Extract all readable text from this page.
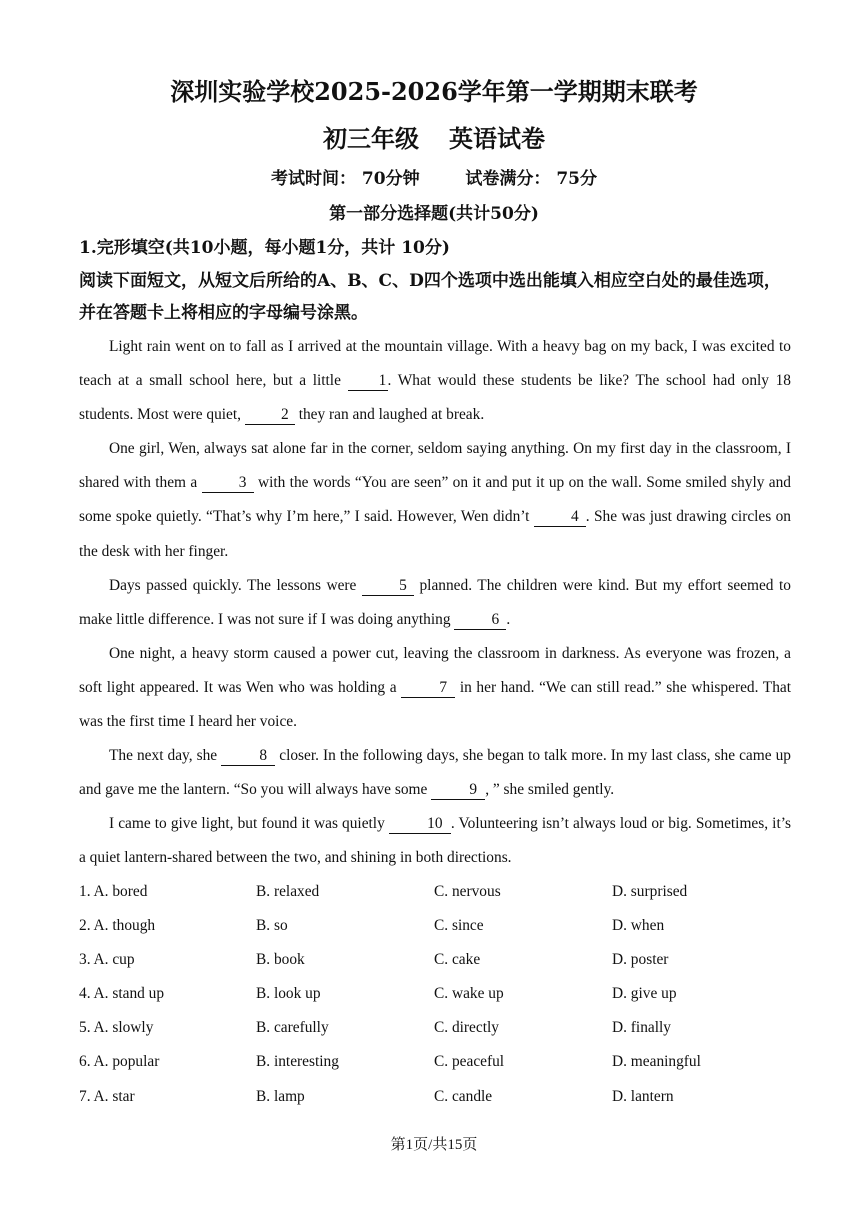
深圳实验学校2025-2026学年第一学期期末联考
初三年级 英语试卷
考试时间： 70分钟	试卷满分： 75分
第一部分选择题(共计50分)
1.完形填空(共10小题，每小题1分，共计 10分)
阅读下面短文，从短文后所给的A、B、C、D四个选项中选出能填入相应空白处的最佳选项，并在答题卡上将相应的字母编号涂黑。

Light rain went on to fall as I arrived at the mountain village. With a heavy bag on my back, I was excited to teach at a small school here, but a little 1. What would these students be like? The school had only 18 students. Most were quiet, 2 they ran and laughed at break.

One girl, Wen, always sat alone far in the corner, seldom saying anything. On my first day in the classroom, I shared with them a 3 with the words “You are seen” on it and put it up on the wall. Some smiled shyly and some spoke quietly. “That’s why I’m here,” I said. However, Wen didn’t 4 . She was just drawing circles on the desk with her finger.

Days passed quickly. The lessons were 5 planned. The children were kind. But my effort seemed to make little difference. I was not sure if I was doing anything 6 .

One night, a heavy storm caused a power cut, leaving the classroom in darkness. As everyone was frozen, a soft light appeared. It was Wen who was holding a 7 in her hand. “We can still read.” she whispered. That was the first time I heard her voice.

The next day, she 8 closer. In the following days, she began to talk more. In my last class, she came up and gave me the lantern. “So you will always have some 9 , ” she smiled gently.

I came to give light, but found it was quietly 10 . Volunteering isn’t always loud or big. Sometimes, it’s a quiet lantern-shared between the two, and shining in both directions.

1. A. bored	B. relaxed	C. nervous	D. surprised
2. A. though	B. so	C. since	D. when
3. A. cup	B. book	C. cake	D. poster
4. A. stand up	B. look up	C. wake up	D. give up
5. A. slowly	B. carefully	C. directly	D. finally
6. A. popular	B. interesting	C. peaceful	D. meaningful
7. A. star	B. lamp	C. candle	D. lantern
第1页/共15页
